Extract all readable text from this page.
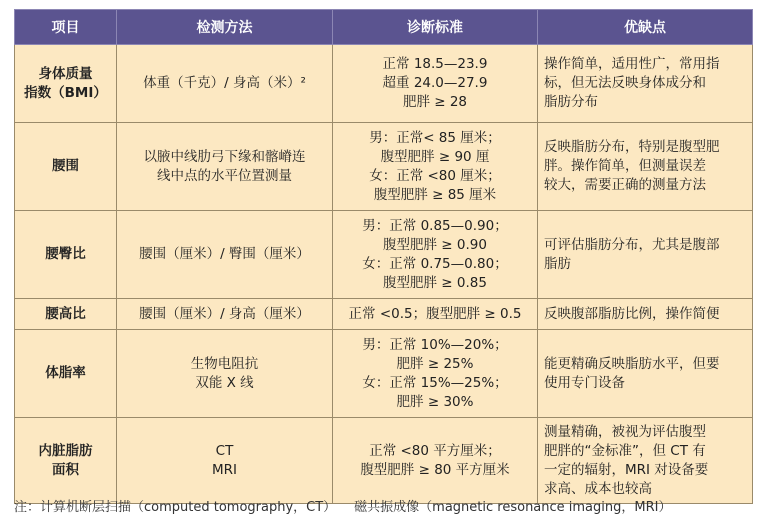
项目	检测方法	诊断标准	优缺点

身体质量
指数（BMI）	体重（千克）/ 身高（米）²	正常 18.5—23.9
超重 24.0—27.9
肥胖 ≥ 28	操作简单，适用性广，常用指
标，但无法反映身体成分和
脂肪分布

腰围	以腋中线肋弓下缘和髂嵴连
线中点的水平位置测量	男：正常< 85 厘米；
腹型肥胖 ≥ 90 厘
女：正常 <80 厘米；
腹型肥胖 ≥ 85 厘米	反映脂肪分布，特别是腹型肥
胖。操作简单，但测量误差
较大，需要正确的测量方法

腰臀比	腰围（厘米）/ 臀围（厘米）	男：正常 0.85—0.90；
腹型肥胖 ≥ 0.90
女：正常 0.75—0.80；
腹型肥胖 ≥ 0.85	可评估脂肪分布，尤其是腹部
脂肪

腰高比	腰围（厘米）/ 身高（厘米）	正常 <0.5；腹型肥胖 ≥ 0.5	反映腹部脂肪比例，操作简便

体脂率	生物电阻抗
双能 X 线	男：正常 10%—20%；
肥胖 ≥ 25%
女：正常 15%—25%；
肥胖 ≥ 30%	能更精确反映脂肪水平，但要
使用专门设备

内脏脂肪
面积	CT
MRI	正常 <80 平方厘米；
腹型肥胖 ≥ 80 平方厘米	测量精确，被视为评估腹型
肥胖的“金标准”，但 CT 有
一定的辐射，MRI 对设备要
求高、成本也较高
注：计算机断层扫描（computed tomography，CT） 磁共振成像（magnetic resonance imaging，MRI）
